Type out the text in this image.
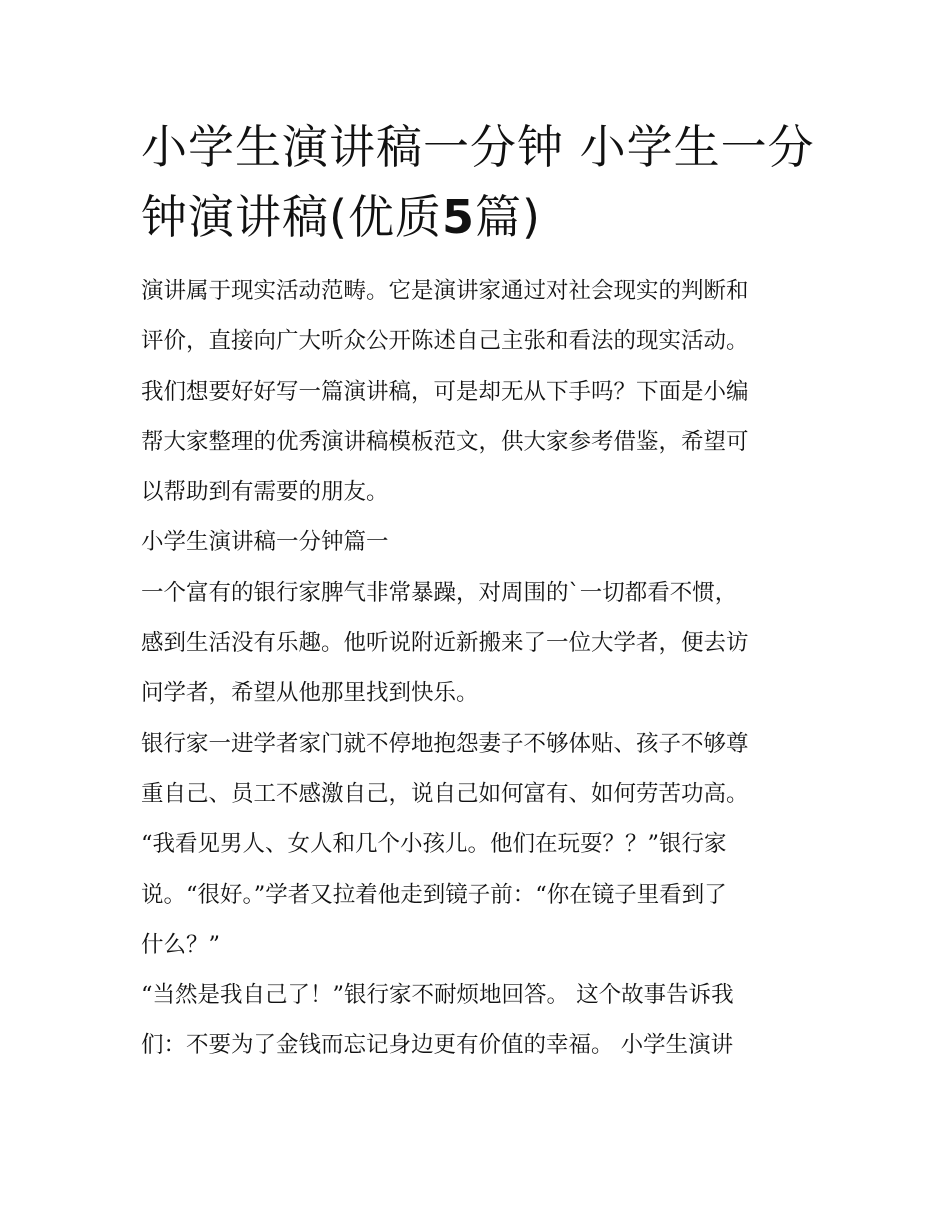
小学生演讲稿一分钟 小学生一分钟演讲稿(优质5篇)

演讲属于现实活动范畴。它是演讲家通过对社会现实的判断和
评价，直接向广大听众公开陈述自己主张和看法的现实活动。
我们想要好好写一篇演讲稿，可是却无从下手吗？下面是小编
帮大家整理的优秀演讲稿模板范文，供大家参考借鉴，希望可
以帮助到有需要的朋友。

小学生演讲稿一分钟篇一

一个富有的银行家脾气非常暴躁，对周围的`一切都看不惯，
感到生活没有乐趣。他听说附近新搬来了一位大学者，便去访
问学者，希望从他那里找到快乐。

银行家一进学者家门就不停地抱怨妻子不够体贴、孩子不够尊
重自己、员工不感激自己，说自己如何富有、如何劳苦功高。
“我看见男人、女人和几个小孩儿。他们在玩耍？？”银行家
说。“很好。”学者又拉着他走到镜子前：“你在镜子里看到了
什么？”

“当然是我自己了！”银行家不耐烦地回答。 这个故事告诉我
们：不要为了金钱而忘记身边更有价值的幸福。 小学生演讲
